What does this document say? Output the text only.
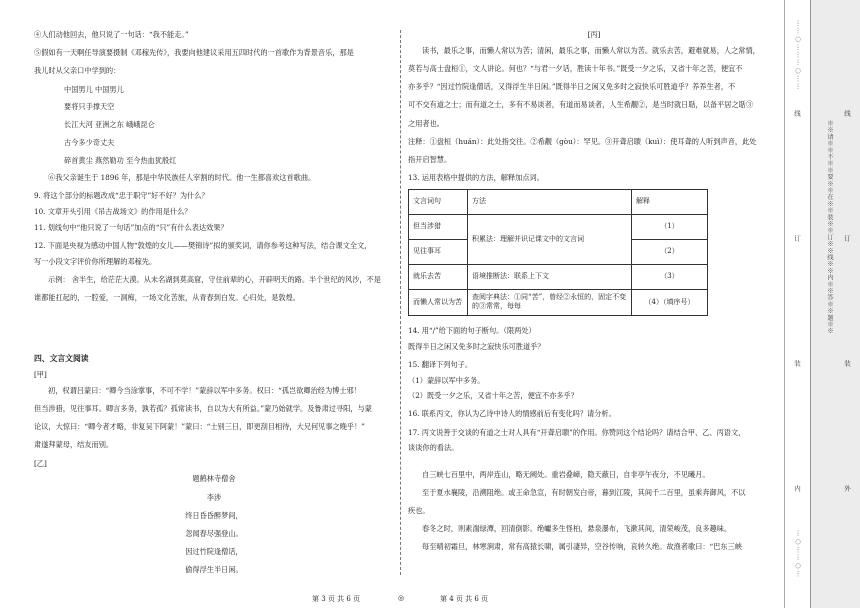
④人们动他回去，他只说了一句话：“我不能走。”
⑤假如有一天啊任导演要摄制《邓稼先传》，我要向他建议采用五四时代的一首歌作为背景音乐，那是
我儿时从父亲口中学到的：
中国男儿 中国男儿
要将只手撑天空
长江大河 亚洲之东 峨峨昆仑
古今多少奇丈夫
碎首黄尘 燕然勒功 至今热血犹殷红
⑥我父亲诞生于 1896 年，那是中华民族任人宰割的时代。他一生都喜欢这首歌曲。
9. 将这个部分的标题改成“忠于职守”好不好？为什么？
10. 文章开头引用《吊古战场文》的作用是什么？
11. 划线句中“他只说了一句话”加点的“只”有什么表达效果？
12. 下面是央视为感动中国人物“敦煌的女儿——樊锦诗”拟的颁奖词，请你参考这种写法，结合课文全文，
写一小段文字评价你所理解的邓稼先。
示例： 舍半生，给茫茫大漠。从未名湖到莫高窟，守住前辈的心，开辟明天的路。半个世纪的风沙，不是
谁都能扛起的，一腔爱，一洞痴，一场文化苦旅，从青春到白发。心归处，是敦煌。
四、文言文阅读
[甲]
初，权谓吕蒙曰：“卿今当涂掌事，不可不学！”蒙辞以军中多务。权曰：“孤岂欲卿治经为博士邪！
但当涉猎，见往事耳。卿言多务，孰若孤？孤常读书，自以为大有所益。”蒙乃始就学。及鲁肃过寻阳，与蒙
论议，大惊曰：“卿今者才略，非复吴下阿蒙！”蒙曰：“士别三日，即更刮目相待，大兄何见事之晚乎！”
肃遂拜蒙母，结友而别。
[乙]
题鹤林寺僧舍
李涉
终日昏昏醉梦间，
忽闻春尽强登山。
因过竹院逢僧话，
偷得浮生半日闲。
[丙]
读书，最乐之事，而懒人常以为苦；清闲，最乐之事，而懒人常以为苦。就乐去苦，避难就易，人之常情，
莫若与高士盘桓①，文人讲论。何也？“与君一夕话，胜读十年书。”既受一夕之乐，又省十年之苦，便宜不
亦多乎？“因过竹院逢僧话，又得浮生半日闲。”既得半日之闲又免多时之寂快乐可胜道乎？养养生者，不
可不交有道之士；而有道之士，多有不易谈者，有道而易谈者，人生希觏②，是当时就日聒，以备平居之聒③
之用者也。
注释：①盘桓（huán）：此处指交往。②希觏（gòu）：罕见。③开聋启聩（kuì）：使耳聋的人听到声音，此处
指开启智慧。
13. 运用表格中提供的方法，解释加点词。
文言词句	方法	解释
但当涉猎	积累法：理解并识记课文中的文言词	（1）
见往事耳		（2）
就乐去苦	语境推断法：联系上下文	（3）
而懒人常以为苦	查阅字典法：①同“苦”，曾经②永恒的，固定不变的③常常，每每	（4）（填序号）
14. 用“/”给下面的句子断句。（限两处）
既得半日之闲又免多时之寂快乐可胜道乎？
15. 翻译下列句子。
（1）蒙辞以军中多务。
（2）既受一夕之乐，又省十年之苦，便宜不亦多乎？
16. 联系丙文，你认为乙诗中诗人的情感前后有变化吗？请分析。
17. 丙文说善于交谈的有道之士对人具有“开聋启聩”的作用。你赞同这个结论吗？请结合甲、乙、丙语文，
谈谈你的看法。
自三峡七百里中，两岸连山，略无阙处。重岩叠嶂，隐天蔽日，自非亭午夜分，不见曦月。
至于夏水襄陵，沿溯阻绝。或王命急宣，有时朝发白帝，暮到江陵，其间千二百里，虽乘奔御风，不以
疾也。
春冬之时，则素湍绿潭，回清倒影。绝巘多生怪柏，悬泉瀑布，飞漱其间，清荣峻茂，良多趣味。
每至晴初霜旦，林寒涧肃，常有高猿长啸，属引凄异，空谷传响，哀转久绝。故渔者歌曰：“巴东三峡
第 3 页 共 6 页	◎	第 4 页 共 6 页
线
订
装
内
⋯⋯○⋯⋯⋯○⋯⋯
⋯○⋯⋯○⋯
线
订
装
外
※※请※※不※※要※※在※※装※※订※※线※※内※※答※※题※※
